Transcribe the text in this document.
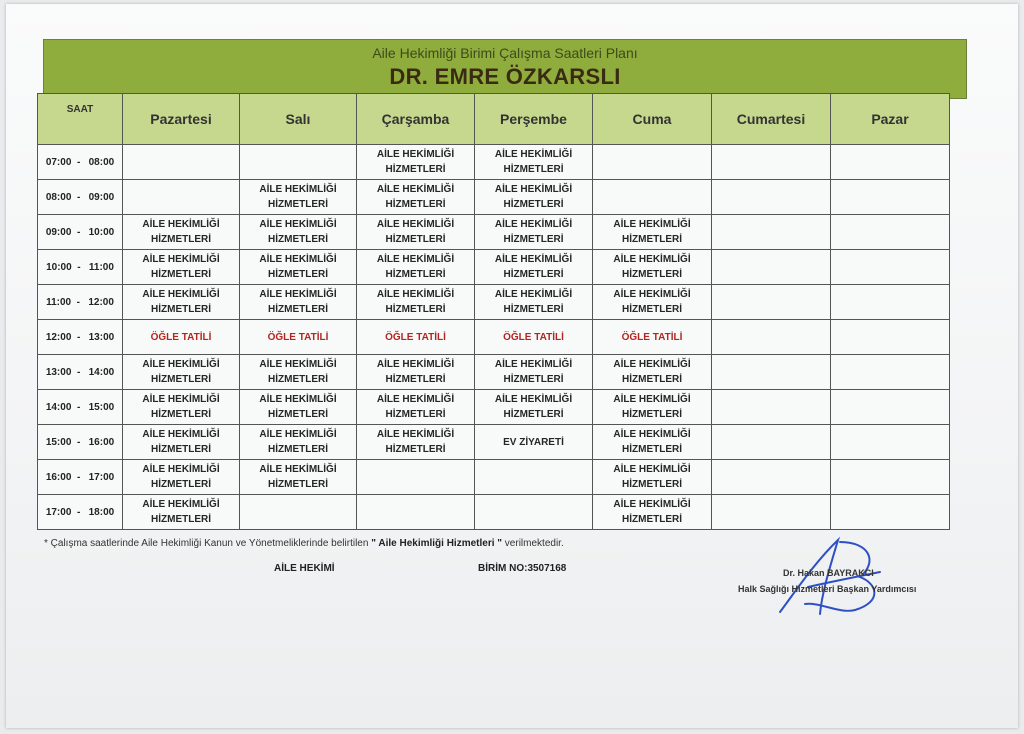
Aile Hekimliği Birimi Çalışma Saatleri Planı
DR. EMRE ÖZKARSLI
SAAT	Pazartesi	Salı	Çarşamba	Perşembe	Cuma	Cumartesi	Pazar
07:00  -   08:00			AİLE HEKİMLİĞİ
HİZMETLERİ	AİLE HEKİMLİĞİ
HİZMETLERİ			
08:00  -   09:00		AİLE HEKİMLİĞİ
HİZMETLERİ	AİLE HEKİMLİĞİ
HİZMETLERİ	AİLE HEKİMLİĞİ
HİZMETLERİ			
09:00  -   10:00	AİLE HEKİMLİĞİ
HİZMETLERİ	AİLE HEKİMLİĞİ
HİZMETLERİ	AİLE HEKİMLİĞİ
HİZMETLERİ	AİLE HEKİMLİĞİ
HİZMETLERİ	AİLE HEKİMLİĞİ
HİZMETLERİ		
10:00  -   11:00	AİLE HEKİMLİĞİ
HİZMETLERİ	AİLE HEKİMLİĞİ
HİZMETLERİ	AİLE HEKİMLİĞİ
HİZMETLERİ	AİLE HEKİMLİĞİ
HİZMETLERİ	AİLE HEKİMLİĞİ
HİZMETLERİ		
11:00  -   12:00	AİLE HEKİMLİĞİ
HİZMETLERİ	AİLE HEKİMLİĞİ
HİZMETLERİ	AİLE HEKİMLİĞİ
HİZMETLERİ	AİLE HEKİMLİĞİ
HİZMETLERİ	AİLE HEKİMLİĞİ
HİZMETLERİ		
12:00  -   13:00	ÖĞLE TATİLİ	ÖĞLE TATİLİ	ÖĞLE TATİLİ	ÖĞLE TATİLİ	ÖĞLE TATİLİ		
13:00  -   14:00	AİLE HEKİMLİĞİ
HİZMETLERİ	AİLE HEKİMLİĞİ
HİZMETLERİ	AİLE HEKİMLİĞİ
HİZMETLERİ	AİLE HEKİMLİĞİ
HİZMETLERİ	AİLE HEKİMLİĞİ
HİZMETLERİ		
14:00  -   15:00	AİLE HEKİMLİĞİ
HİZMETLERİ	AİLE HEKİMLİĞİ
HİZMETLERİ	AİLE HEKİMLİĞİ
HİZMETLERİ	AİLE HEKİMLİĞİ
HİZMETLERİ	AİLE HEKİMLİĞİ
HİZMETLERİ		
15:00  -   16:00	AİLE HEKİMLİĞİ
HİZMETLERİ	AİLE HEKİMLİĞİ
HİZMETLERİ	AİLE HEKİMLİĞİ
HİZMETLERİ	EV ZİYARETİ	AİLE HEKİMLİĞİ
HİZMETLERİ		
16:00  -   17:00	AİLE HEKİMLİĞİ
HİZMETLERİ	AİLE HEKİMLİĞİ
HİZMETLERİ			AİLE HEKİMLİĞİ
HİZMETLERİ		
17:00  -   18:00	AİLE HEKİMLİĞİ
HİZMETLERİ				AİLE HEKİMLİĞİ
HİZMETLERİ		
* Çalışma saatlerinde Aile Hekimliği Kanun ve Yönetmeliklerinde belirtilen " Aile Hekimliği Hizmetleri " verilmektedir.
AİLE HEKİMİ	BİRİM NO:3507168	Dr. Hakan BAYRAKCI
Halk Sağlığı Hizmetleri Başkan Yardımcısı
